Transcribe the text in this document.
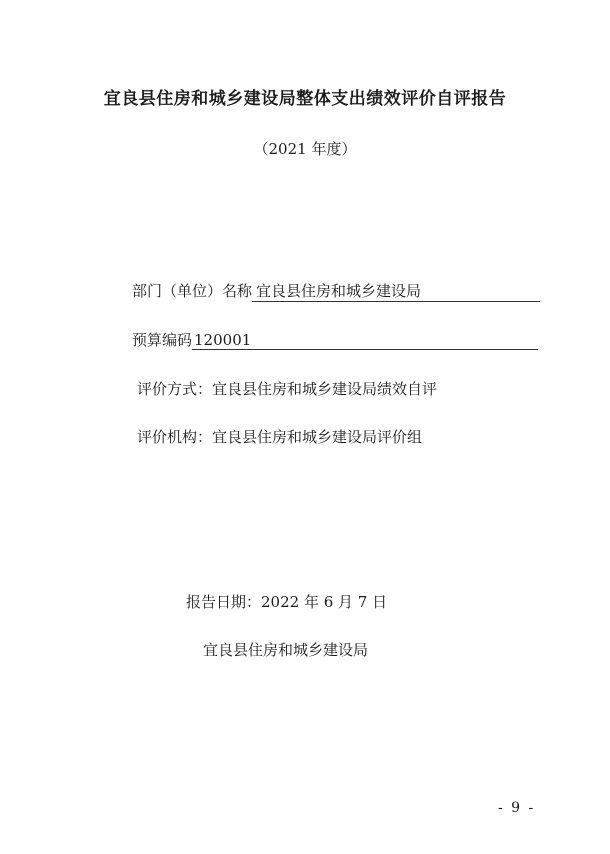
宜良县住房和城乡建设局整体支出绩效评价自评报告
（2021 年度）
部门（单位）名称 宜良县住房和城乡建设局
预算编码 120001
评价方式：宜良县住房和城乡建设局绩效自评
评价机构：宜良县住房和城乡建设局评价组
报告日期：2022 年 6 月 7 日
宜良县住房和城乡建设局
- 9 -
